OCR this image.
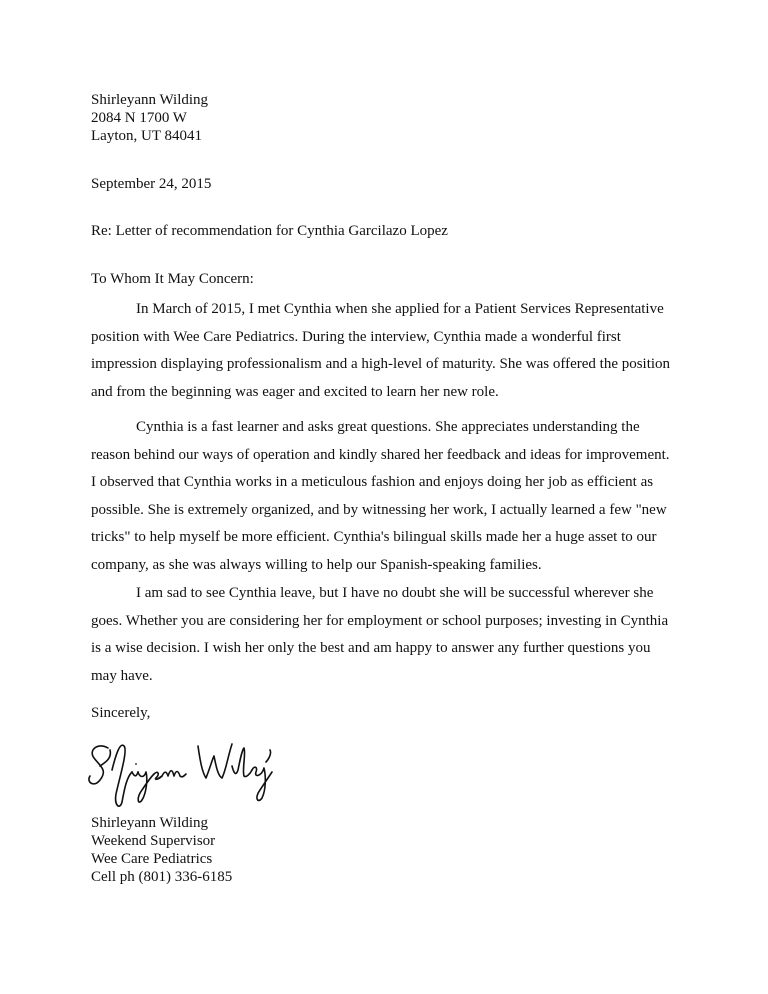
Shirleyann Wilding
2084 N 1700 W
Layton, UT 84041
September 24, 2015
Re: Letter of recommendation for Cynthia Garcilazo Lopez
To Whom It May Concern:
In March of 2015, I met Cynthia when she applied for a Patient Services Representative
position with Wee Care Pediatrics. During the interview, Cynthia made a wonderful first
impression displaying professionalism and a high-level of maturity. She was offered the position
and from the beginning was eager and excited to learn her new role.
Cynthia is a fast learner and asks great questions. She appreciates understanding the
reason behind our ways of operation and kindly shared her feedback and ideas for improvement.
I observed that Cynthia works in a meticulous fashion and enjoys doing her job as efficient as
possible. She is extremely organized, and by witnessing her work, I actually learned a few "new
tricks" to help myself be more efficient. Cynthia's bilingual skills made her a huge asset to our
company, as she was always willing to help our Spanish-speaking families.
I am sad to see Cynthia leave, but I have no doubt she will be successful wherever she
goes. Whether you are considering her for employment or school purposes; investing in Cynthia
is a wise decision. I wish her only the best and am happy to answer any further questions you
may have.
Sincerely,
Shirleyann Wilding
Weekend Supervisor
Wee Care Pediatrics
Cell ph (801) 336-6185
